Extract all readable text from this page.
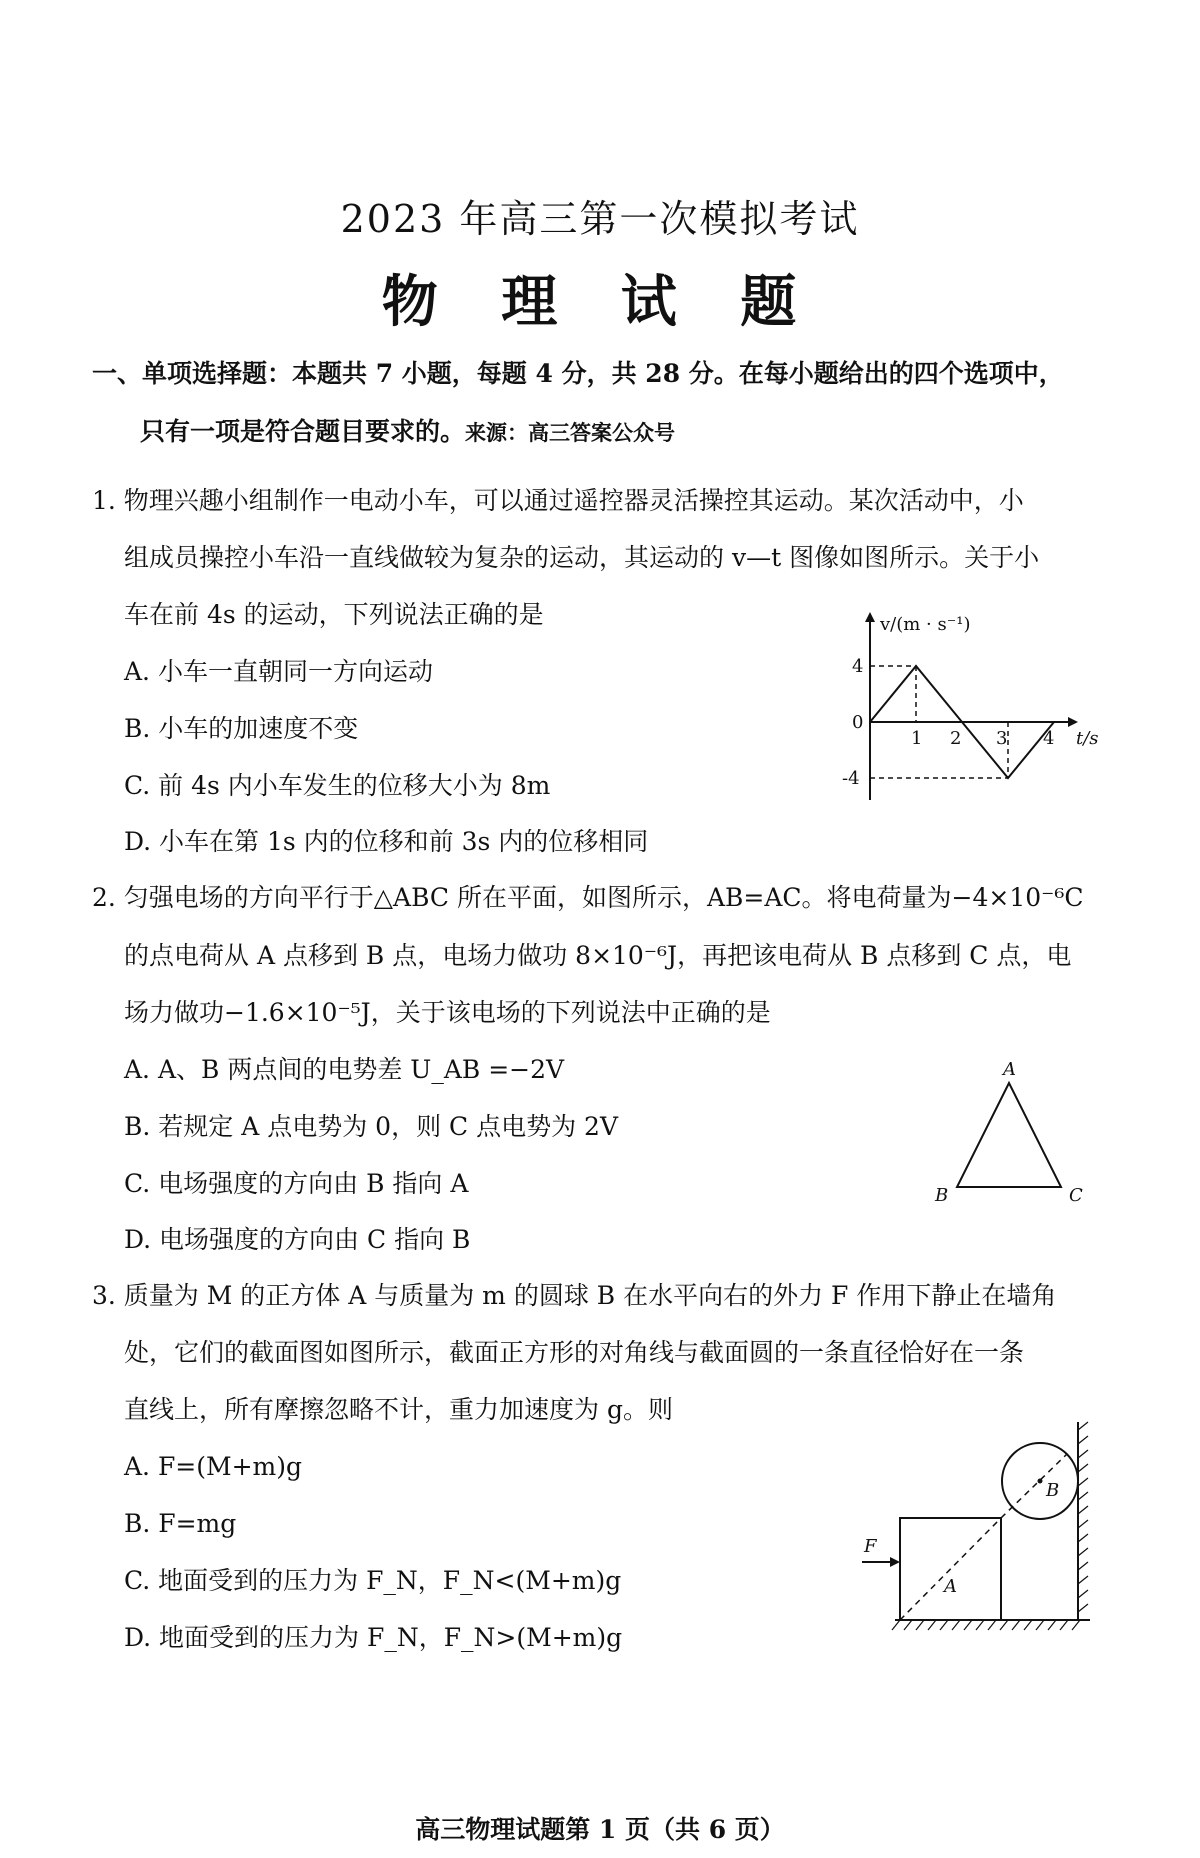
2023 年高三第一次模拟考试
物 理 试 题
一、单项选择题：本题共 7 小题，每题 4 分，共 28 分。在每小题给出的四个选项中，
只有一项是符合题目要求的。来源：高三答案公众号
1. 物理兴趣小组制作一电动小车，可以通过遥控器灵活操控其运动。某次活动中，小
组成员操控小车沿一直线做较为复杂的运动，其运动的 v—t 图像如图所示。关于小
车在前 4s 的运动，下列说法正确的是
A. 小车一直朝同一方向运动
B. 小车的加速度不变
C. 前 4s 内小车发生的位移大小为 8m
D. 小车在第 1s 内的位移和前 3s 内的位移相同
v/(m · s⁻¹)
4
0
-4
1 2 3 4 t/s
2. 匀强电场的方向平行于△ABC 所在平面，如图所示，AB=AC。将电荷量为−4×10⁻⁶C
的点电荷从 A 点移到 B 点，电场力做功 8×10⁻⁶J，再把该电荷从 B 点移到 C 点，电
场力做功−1.6×10⁻⁵J，关于该电场的下列说法中正确的是
A. A、B 两点间的电势差 U_AB =−2V
B. 若规定 A 点电势为 0，则 C 点电势为 2V
C. 电场强度的方向由 B 指向 A
D. 电场强度的方向由 C 指向 B
A
B	C
3. 质量为 M 的正方体 A 与质量为 m 的圆球 B 在水平向右的外力 F 作用下静止在墙角
处，它们的截面图如图所示，截面正方形的对角线与截面圆的一条直径恰好在一条
直线上，所有摩擦忽略不计，重力加速度为 g。则
A. F=(M+m)g
B. F=mg
C. 地面受到的压力为 F_N，F_N<(M+m)g
D. 地面受到的压力为 F_N，F_N>(M+m)g
F
A
B
高三物理试题第 1 页（共 6 页）
